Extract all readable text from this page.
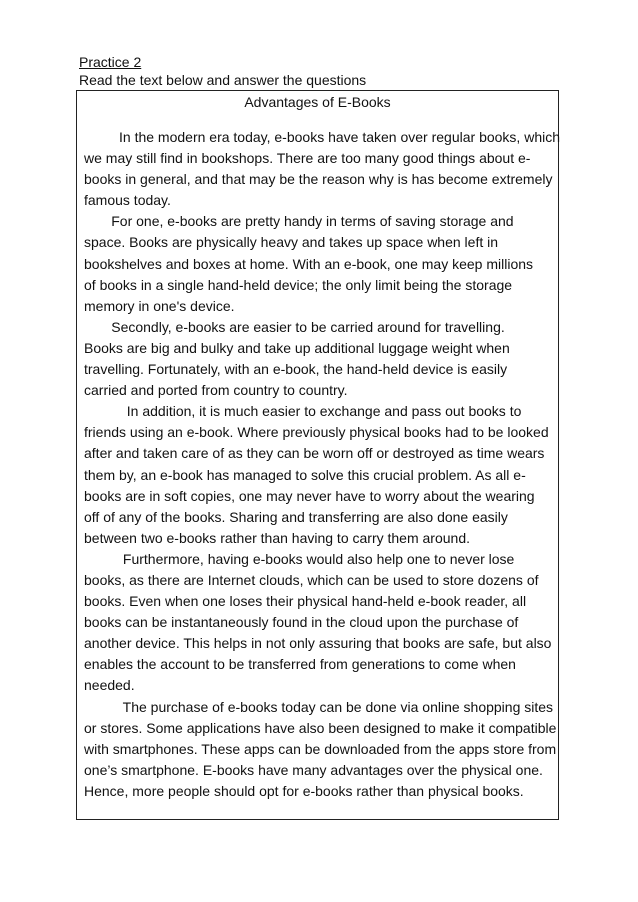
Practice 2
Read the text below and answer the questions
Advantages of E-Books
In the modern era today, e-books have taken over regular books, which
we may still find in bookshops. There are too many good things about e-
books in general, and that may be the reason why is has become extremely
famous today.
For one, e-books are pretty handy in terms of saving storage and
space. Books are physically heavy and takes up space when left in
bookshelves and boxes at home. With an e-book, one may keep millions
of books in a single hand-held device; the only limit being the storage
memory in one's device.
Secondly, e-books are easier to be carried around for travelling.
Books are big and bulky and take up additional luggage weight when
travelling. Fortunately, with an e-book, the hand-held device is easily
carried and ported from country to country.
In addition, it is much easier to exchange and pass out books to
friends using an e-book. Where previously physical books had to be looked
after and taken care of as they can be worn off or destroyed as time wears
them by, an e-book has managed to solve this crucial problem. As all e-
books are in soft copies, one may never have to worry about the wearing
off of any of the books. Sharing and transferring are also done easily
between two e-books rather than having to carry them around.
Furthermore, having e-books would also help one to never lose
books, as there are Internet clouds, which can be used to store dozens of
books. Even when one loses their physical hand-held e-book reader, all
books can be instantaneously found in the cloud upon the purchase of
another device. This helps in not only assuring that books are safe, but also
enables the account to be transferred from generations to come when
needed.
The purchase of e-books today can be done via online shopping sites
or stores. Some applications have also been designed to make it compatible
with smartphones. These apps can be downloaded from the apps store from
one’s smartphone. E-books have many advantages over the physical one.
Hence, more people should opt for e-books rather than physical books.
